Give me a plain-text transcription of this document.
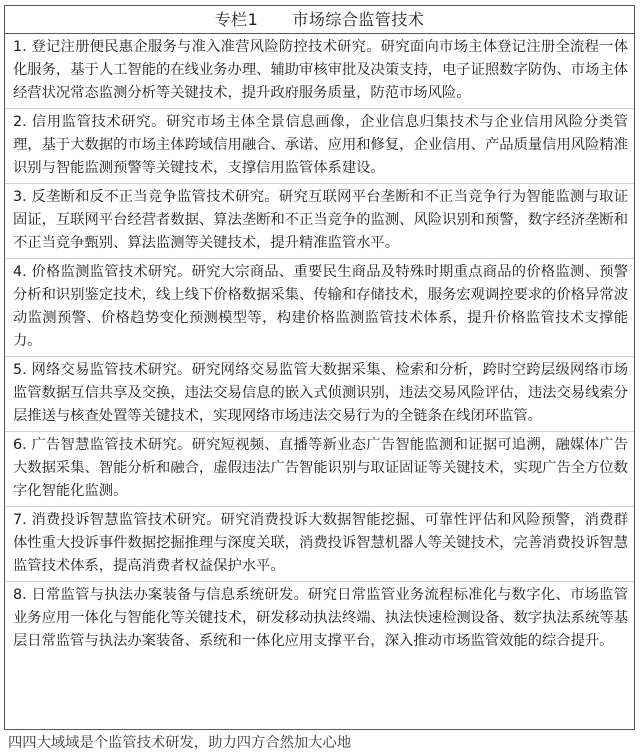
专栏1 市场综合监管技术
1. 登记注册便民惠企服务与准入准营风险防控技术研究。研究面向市场主体登记注册全流程一体化服务，基于人工智能的在线业务办理、辅助审核审批及决策支持，电子证照数字防伪、市场主体经营状况常态监测分析等关键技术，提升政府服务质量，防范市场风险。
2. 信用监管技术研究。研究市场主体全景信息画像，企业信息归集技术与企业信用风险分类管理，基于大数据的市场主体跨域信用融合、承诺、应用和修复，企业信用、产品质量信用风险精准识别与智能监测预警等关键技术，支撑信用监管体系建设。
3. 反垄断和反不正当竞争监管技术研究。研究互联网平台垄断和不正当竞争行为智能监测与取证固证，互联网平台经营者数据、算法垄断和不正当竞争的监测、风险识别和预警，数字经济垄断和不正当竞争甄别、算法监测等关键技术，提升精准监管水平。
4. 价格监测监管技术研究。研究大宗商品、重要民生商品及特殊时期重点商品的价格监测、预警分析和识别鉴定技术，线上线下价格数据采集、传输和存储技术，服务宏观调控要求的价格异常波动监测预警、价格趋势变化预测模型等，构建价格监测监管技术体系，提升价格监管技术支撑能力。
5. 网络交易监管技术研究。研究网络交易监管大数据采集、检索和分析，跨时空跨层级网络市场监管数据互信共享及交换，违法交易信息的嵌入式侦测识别，违法交易风险评估，违法交易线索分层推送与核查处置等关键技术，实现网络市场违法交易行为的全链条在线闭环监管。
6. 广告智慧监管技术研究。研究短视频、直播等新业态广告智能监测和证据可追溯，融媒体广告大数据采集、智能分析和融合，虚假违法广告智能识别与取证固证等关键技术，实现广告全方位数字化智能化监测。
7. 消费投诉智慧监管技术研究。研究消费投诉大数据智能挖掘、可靠性评估和风险预警，消费群体性重大投诉事件数据挖掘推理与深度关联，消费投诉智慧机器人等关键技术，完善消费投诉智慧监管技术体系，提高消费者权益保护水平。
8. 日常监管与执法办案装备与信息系统研发。研究日常监管业务流程标准化与数字化、市场监管业务应用一体化与智能化等关键技术，研发移动执法终端、执法快速检测设备、数字执法系统等基层日常监管与执法办案装备、系统和一体化应用支撑平台，深入推动市场监管效能的综合提升。
四四大域域是个监管技术研发，助力四方合然加大心地
